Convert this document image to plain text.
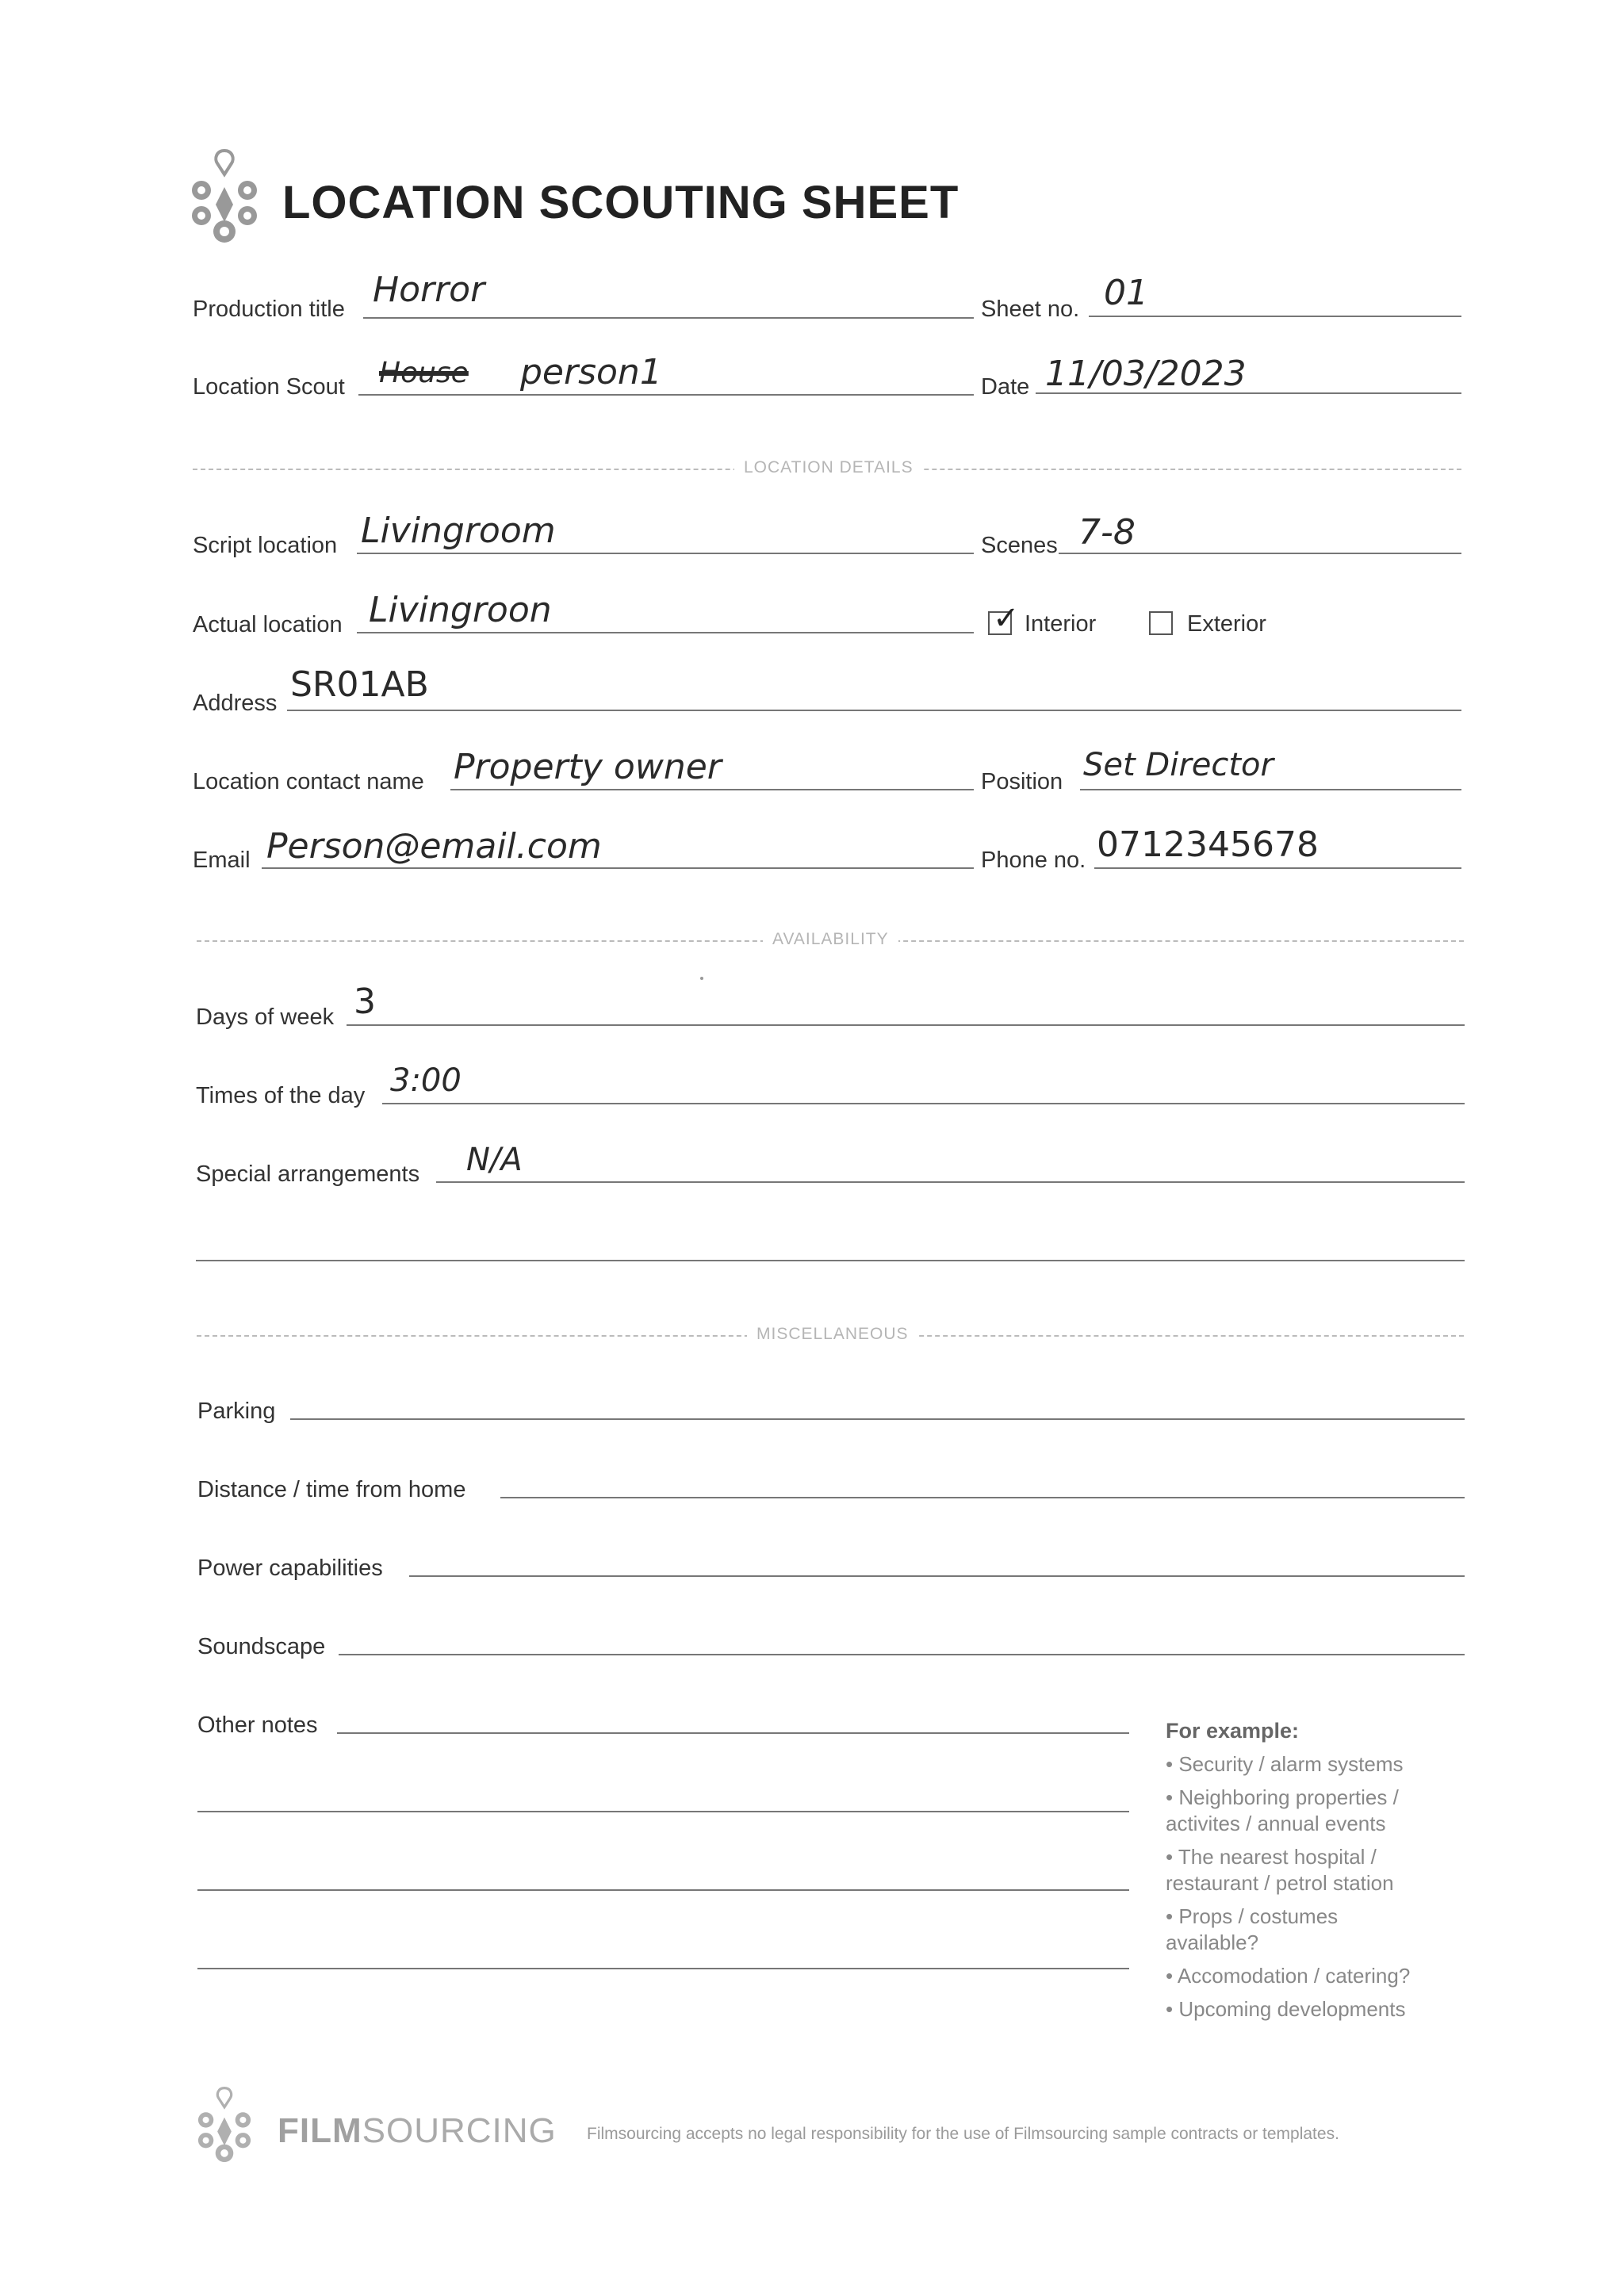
LOCATION SCOUTING SHEET
Production title Horror	Sheet no. 01
Location Scout House person1	Date 11/03/2023
LOCATION DETAILS
Script location Livingroom	Scenes 7-8
Actual location Livingroon	✓ Interior	Exterior
Address SR01AB
Location contact name Property owner	Position Set Director
Email Person@email.com	Phone no. 0712345678
AVAILABILITY
Days of week 3
Times of the day 3:00
Special arrangements N/A
MISCELLANEOUS
Parking
Distance / time from home
Power capabilities
Soundscape
Other notes	For example:
• Security / alarm systems
• Neighboring properties / activites / annual events
• The nearest hospital / restaurant / petrol station
• Props / costumes available?
• Accomodation / catering?
• Upcoming developments
FILMSOURCING Filmsourcing accepts no legal responsibility for the use of Filmsourcing sample contracts or templates.
